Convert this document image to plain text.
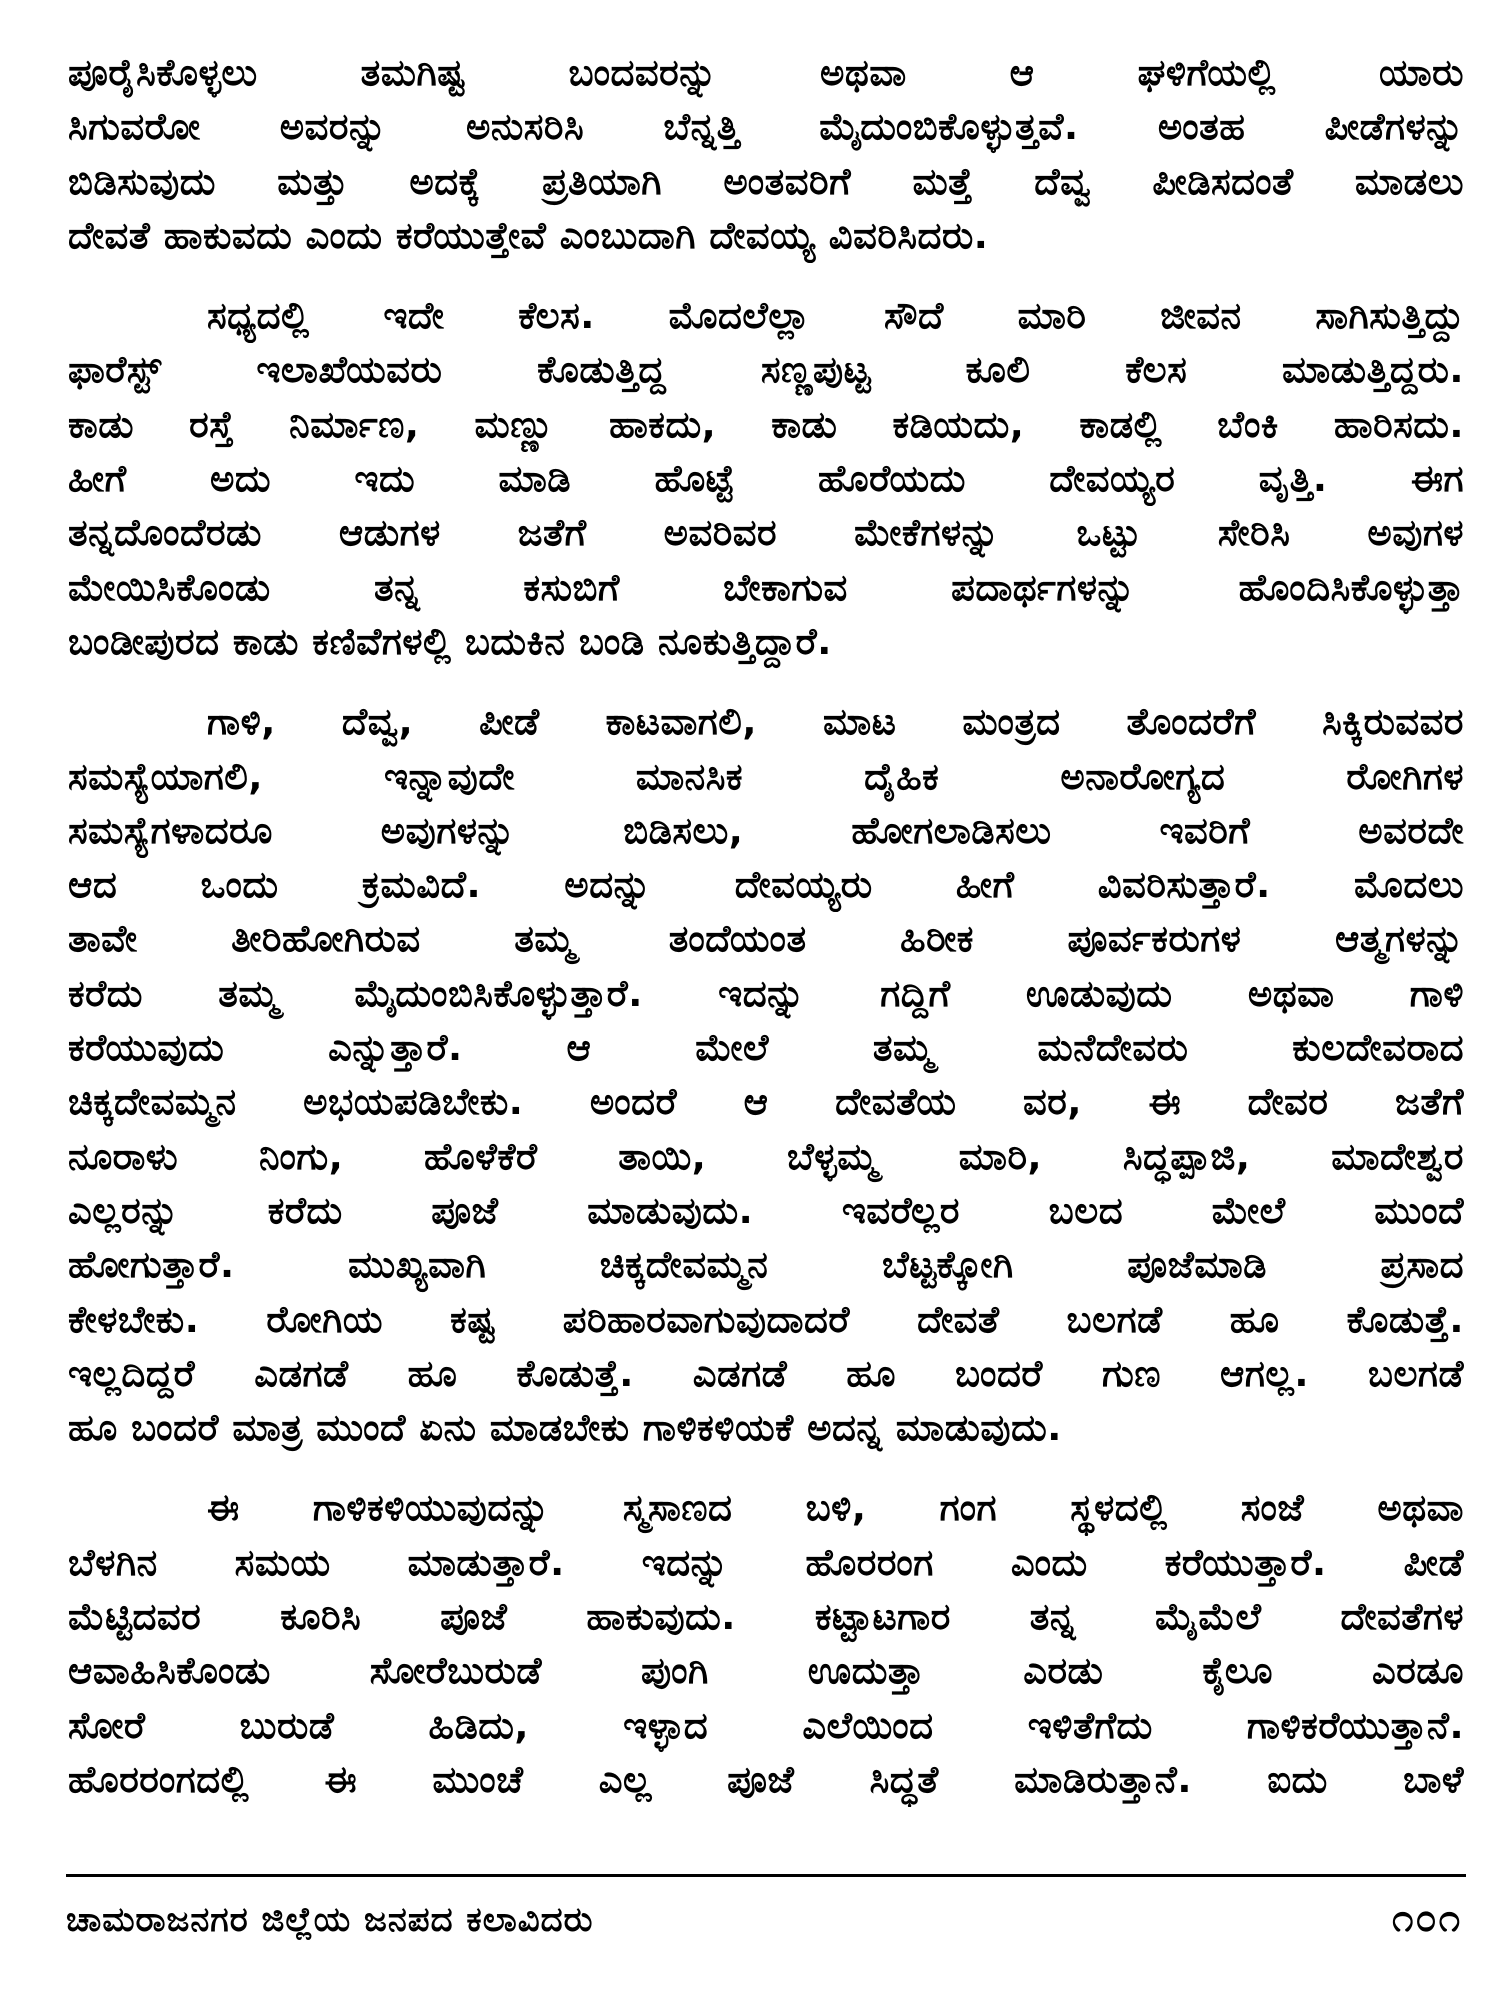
ಪೂರೈಸಿಕೊಳ್ಳಲು ತಮಗಿಷ್ಟ ಬಂದವರನ್ನು ಅಥವಾ ಆ ಘಳಿಗೆಯಲ್ಲಿ ಯಾರು

ಸಿಗುವರೋ ಅವರನ್ನು ಅನುಸರಿಸಿ ಬೆನ್ನತ್ತಿ ಮೈದುಂಬಿಕೊಳ್ಳುತ್ತವೆ. ಅಂತಹ ಪೀಡೆಗಳನ್ನು

ಬಿಡಿಸುವುದು ಮತ್ತು ಅದಕ್ಕೆ ಪ್ರತಿಯಾಗಿ ಅಂತವರಿಗೆ ಮತ್ತೆ ದೆವ್ವ ಪೀಡಿಸದಂತೆ ಮಾಡಲು

ದೇವತೆ ಹಾಕುವದು ಎಂದು ಕರೆಯುತ್ತೇವೆ ಎಂಬುದಾಗಿ ದೇವಯ್ಯ ವಿವರಿಸಿದರು.

ಸಧ್ಯದಲ್ಲಿ ಇದೇ ಕೆಲಸ. ಮೊದಲೆಲ್ಲಾ ಸೌದೆ ಮಾರಿ ಜೀವನ ಸಾಗಿಸುತ್ತಿದ್ದು

ಫಾರೆಸ್ಟ್ ಇಲಾಖೆಯವರು ಕೊಡುತ್ತಿದ್ದ ಸಣ್ಣಪುಟ್ಟ ಕೂಲಿ ಕೆಲಸ ಮಾಡುತ್ತಿದ್ದರು.

ಕಾಡು ರಸ್ತೆ ನಿರ್ಮಾಣ, ಮಣ್ಣು ಹಾಕದು, ಕಾಡು ಕಡಿಯದು, ಕಾಡಲ್ಲಿ ಬೆಂಕಿ ಹಾರಿಸದು.

ಹೀಗೆ ಅದು ಇದು ಮಾಡಿ ಹೊಟ್ಟೆ ಹೊರೆಯದು ದೇವಯ್ಯರ ವೃತ್ತಿ. ಈಗ

ತನ್ನದೊಂದೆರಡು ಆಡುಗಳ ಜತೆಗೆ ಅವರಿವರ ಮೇಕೆಗಳನ್ನು ಒಟ್ಟು ಸೇರಿಸಿ ಅವುಗಳ

ಮೇಯಿಸಿಕೊಂಡು ತನ್ನ ಕಸುಬಿಗೆ ಬೇಕಾಗುವ ಪದಾರ್ಥಗಳನ್ನು ಹೊಂದಿಸಿಕೊಳ್ಳುತ್ತಾ

ಬಂಡೀಪುರದ ಕಾಡು ಕಣಿವೆಗಳಲ್ಲಿ ಬದುಕಿನ ಬಂಡಿ ನೂಕುತ್ತಿದ್ದಾರೆ.

ಗಾಳಿ, ದೆವ್ವ, ಪೀಡೆ ಕಾಟವಾಗಲಿ, ಮಾಟ ಮಂತ್ರದ ತೊಂದರೆಗೆ ಸಿಕ್ಕಿರುವವರ

ಸಮಸ್ಯೆಯಾಗಲಿ, ಇನ್ನಾವುದೇ ಮಾನಸಿಕ ದೈಹಿಕ ಅನಾರೋಗ್ಯದ ರೋಗಿಗಳ

ಸಮಸ್ಯೆಗಳಾದರೂ ಅವುಗಳನ್ನು ಬಿಡಿಸಲು, ಹೋಗಲಾಡಿಸಲು ಇವರಿಗೆ ಅವರದೇ

ಆದ ಒಂದು ಕ್ರಮವಿದೆ. ಅದನ್ನು ದೇವಯ್ಯರು ಹೀಗೆ ವಿವರಿಸುತ್ತಾರೆ. ಮೊದಲು

ತಾವೇ ತೀರಿಹೋಗಿರುವ ತಮ್ಮ ತಂದೆಯಂತ ಹಿರೀಕ ಪೂರ್ವಕರುಗಳ ಆತ್ಮಗಳನ್ನು

ಕರೆದು ತಮ್ಮ ಮೈದುಂಬಿಸಿಕೊಳ್ಳುತ್ತಾರೆ. ಇದನ್ನು ಗದ್ದಿಗೆ ಊಡುವುದು ಅಥವಾ ಗಾಳಿ

ಕರೆಯುವುದು ಎನ್ನುತ್ತಾರೆ. ಆ ಮೇಲೆ ತಮ್ಮ ಮನೆದೇವರು ಕುಲದೇವರಾದ

ಚಿಕ್ಕದೇವಮ್ಮನ ಅಭಯಪಡಿಬೇಕು. ಅಂದರೆ ಆ ದೇವತೆಯ ವರ, ಈ ದೇವರ ಜತೆಗೆ

ನೂರಾಳು ನಿಂಗು, ಹೊಳೆಕೆರೆ ತಾಯಿ, ಬೆಳ್ಳಮ್ಮ ಮಾರಿ, ಸಿದ್ಧಪ್ಪಾಜಿ, ಮಾದೇಶ್ವರ

ಎಲ್ಲರನ್ನು ಕರೆದು ಪೂಜೆ ಮಾಡುವುದು. ಇವರೆಲ್ಲರ ಬಲದ ಮೇಲೆ ಮುಂದೆ

ಹೋಗುತ್ತಾರೆ. ಮುಖ್ಯವಾಗಿ ಚಿಕ್ಕದೇವಮ್ಮನ ಬೆಟ್ಟಕ್ಕೋಗಿ ಪೂಜೆಮಾಡಿ ಪ್ರಸಾದ

ಕೇಳಬೇಕು. ರೋಗಿಯ ಕಷ್ಟ ಪರಿಹಾರವಾಗುವುದಾದರೆ ದೇವತೆ ಬಲಗಡೆ ಹೂ ಕೊಡುತ್ತೆ.

ಇಲ್ಲದಿದ್ದರೆ ಎಡಗಡೆ ಹೂ ಕೊಡುತ್ತೆ. ಎಡಗಡೆ ಹೂ ಬಂದರೆ ಗುಣ ಆಗಲ್ಲ. ಬಲಗಡೆ

ಹೂ ಬಂದರೆ ಮಾತ್ರ ಮುಂದೆ ಏನು ಮಾಡಬೇಕು ಗಾಳಿಕಳಿಯಕೆ ಅದನ್ನ ಮಾಡುವುದು.

ಈ ಗಾಳಿಕಳಿಯುವುದನ್ನು ಸ್ಮಸಾಣದ ಬಳಿ, ಗಂಗ ಸ್ಥಳದಲ್ಲಿ ಸಂಜೆ ಅಥವಾ

ಬೆಳಗಿನ ಸಮಯ ಮಾಡುತ್ತಾರೆ. ಇದನ್ನು ಹೊರರಂಗ ಎಂದು ಕರೆಯುತ್ತಾರೆ. ಪೀಡೆ

ಮೆಟ್ಟಿದವರ ಕೂರಿಸಿ ಪೂಜೆ ಹಾಕುವುದು. ಕಟ್ಟಾಟಗಾರ ತನ್ನ ಮೈಮೆಲೆ ದೇವತೆಗಳ

ಆವಾಹಿಸಿಕೊಂಡು ಸೋರೆಬುರುಡೆ ಪುಂಗಿ ಊದುತ್ತಾ ಎರಡು ಕೈಲೂ ಎರಡೂ

ಸೋರೆ ಬುರುಡೆ ಹಿಡಿದು, ಇಳ್ಳಾದ ಎಲೆಯಿಂದ ಇಳಿತೆಗೆದು ಗಾಳಿಕರೆಯುತ್ತಾನೆ.

ಹೊರರಂಗದಲ್ಲಿ ಈ ಮುಂಚೆ ಎಲ್ಲ ಪೂಜೆ ಸಿದ್ಧತೆ ಮಾಡಿರುತ್ತಾನೆ. ಐದು ಬಾಳೆ

ಚಾಮರಾಜನಗರ ಜಿಲ್ಲೆಯ ಜನಪದ ಕಲಾವಿದರು	೧೦೧
